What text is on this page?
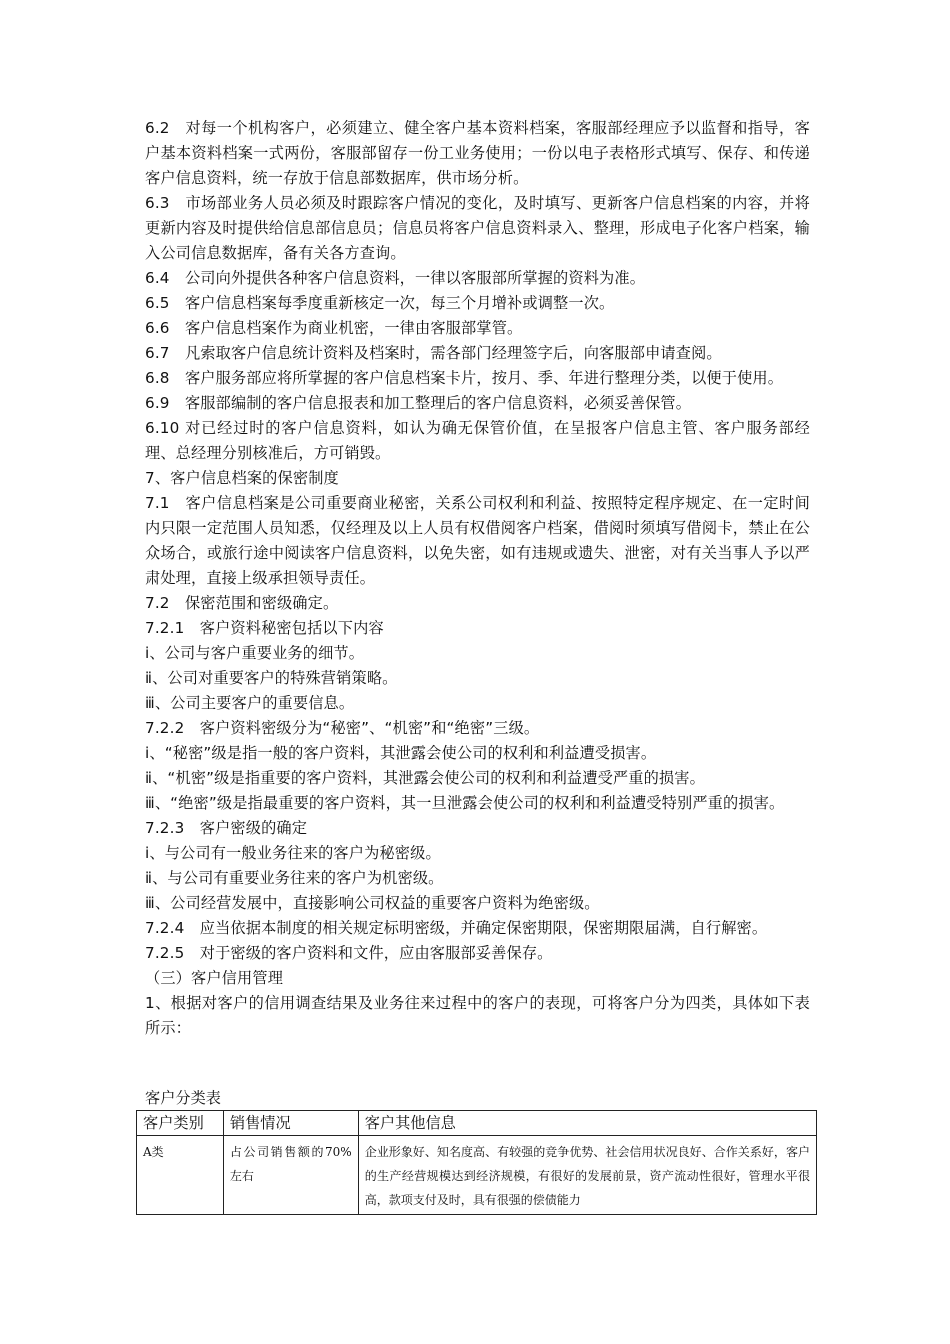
6.2　对每一个机构客户，必须建立、健全客户基本资料档案，客服部经理应予以监督和指导，客户基本资料档案一式两份，客服部留存一份工业务使用；一份以电子表格形式填写、保存、和传递客户信息资料，统一存放于信息部数据库，供市场分析。

6.3　市场部业务人员必须及时跟踪客户情况的变化，及时填写、更新客户信息档案的内容，并将更新内容及时提供给信息部信息员；信息员将客户信息资料录入、整理，形成电子化客户档案，输入公司信息数据库，备有关各方查询。

6.4　公司向外提供各种客户信息资料，一律以客服部所掌握的资料为准。

6.5　客户信息档案每季度重新核定一次，每三个月增补或调整一次。

6.6　客户信息档案作为商业机密，一律由客服部掌管。

6.7　凡索取客户信息统计资料及档案时，需各部门经理签字后，向客服部申请查阅。

6.8　客户服务部应将所掌握的客户信息档案卡片，按月、季、年进行整理分类，以便于使用。

6.9　客服部编制的客户信息报表和加工整理后的客户信息资料，必须妥善保管。

6.10 对已经过时的客户信息资料，如认为确无保管价值，在呈报客户信息主管、客户服务部经理、总经理分别核准后，方可销毁。

7、客户信息档案的保密制度

7.1　客户信息档案是公司重要商业秘密，关系公司权利和利益、按照特定程序规定、在一定时间内只限一定范围人员知悉，仅经理及以上人员有权借阅客户档案，借阅时须填写借阅卡，禁止在公众场合，或旅行途中阅读客户信息资料，以免失密，如有违规或遗失、泄密，对有关当事人予以严肃处理，直接上级承担领导责任。

7.2　保密范围和密级确定。

7.2.1　客户资料秘密包括以下内容

ⅰ、公司与客户重要业务的细节。

ⅱ、公司对重要客户的特殊营销策略。

ⅲ、公司主要客户的重要信息。

7.2.2　客户资料密级分为“秘密”、“机密”和“绝密”三级。

ⅰ、“秘密”级是指一般的客户资料，其泄露会使公司的权利和利益遭受损害。

ⅱ、“机密”级是指重要的客户资料，其泄露会使公司的权利和利益遭受严重的损害。

ⅲ、“绝密”级是指最重要的客户资料，其一旦泄露会使公司的权利和利益遭受特别严重的损害。

7.2.3　客户密级的确定

ⅰ、与公司有一般业务往来的客户为秘密级。

ⅱ、与公司有重要业务往来的客户为机密级。

ⅲ、公司经营发展中，直接影响公司权益的重要客户资料为绝密级。

7.2.4　应当依据本制度的相关规定标明密级，并确定保密期限，保密期限届满，自行解密。

7.2.5　对于密级的客户资料和文件，应由客服部妥善保存。

（三）客户信用管理

1、根据对客户的信用调查结果及业务往来过程中的客户的表现，可将客户分为四类，具体如下表所示：

客户分类表

客户类别	销售情况	客户其他信息
A类	占公司销售额的70%左右	企业形象好、知名度高、有较强的竞争优势、社会信用状况良好、合作关系好，客户的生产经营规模达到经济规模，有很好的发展前景，资产流动性很好，管理水平很高，款项支付及时，具有很强的偿债能力
